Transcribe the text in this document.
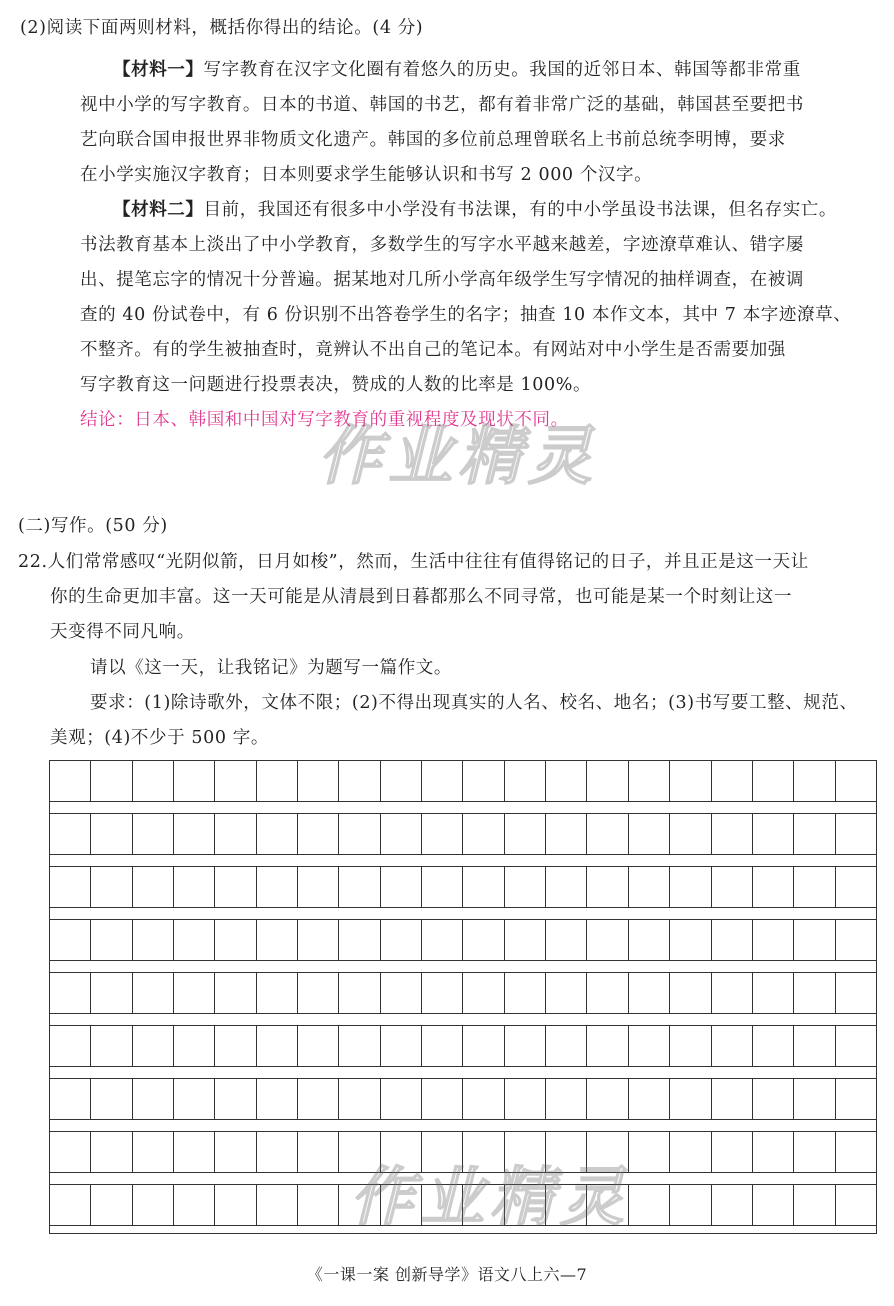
(2)阅读下面两则材料，概括你得出的结论。(4 分)
【材料一】写字教育在汉字文化圈有着悠久的历史。我国的近邻日本、韩国等都非常重
视中小学的写字教育。日本的书道、韩国的书艺，都有着非常广泛的基础，韩国甚至要把书
艺向联合国申报世界非物质文化遗产。韩国的多位前总理曾联名上书前总统李明博，要求
在小学实施汉字教育；日本则要求学生能够认识和书写 2 000 个汉字。
【材料二】目前，我国还有很多中小学没有书法课，有的中小学虽设书法课，但名存实亡。
书法教育基本上淡出了中小学教育，多数学生的写字水平越来越差，字迹潦草难认、错字屡
出、提笔忘字的情况十分普遍。据某地对几所小学高年级学生写字情况的抽样调查，在被调
查的 40 份试卷中，有 6 份识别不出答卷学生的名字；抽查 10 本作文本，其中 7 本字迹潦草、
不整齐。有的学生被抽查时，竟辨认不出自己的笔记本。有网站对中小学生是否需要加强
写字教育这一问题进行投票表决，赞成的人数的比率是 100%。
结论：日本、韩国和中国对写字教育的重视程度及现状不同。
(二)写作。(50 分)
22.人们常常感叹“光阴似箭，日月如梭”，然而，生活中往往有值得铭记的日子，并且正是这一天让
你的生命更加丰富。这一天可能是从清晨到日暮都那么不同寻常，也可能是某一个时刻让这一
天变得不同凡响。
请以《这一天，让我铭记》为题写一篇作文。
要求：(1)除诗歌外，文体不限；(2)不得出现真实的人名、校名、地名；(3)书写要工整、规范、
美观；(4)不少于 500 字。
作业精灵
作业精灵
《一课一案 创新导学》语文八上六—7
